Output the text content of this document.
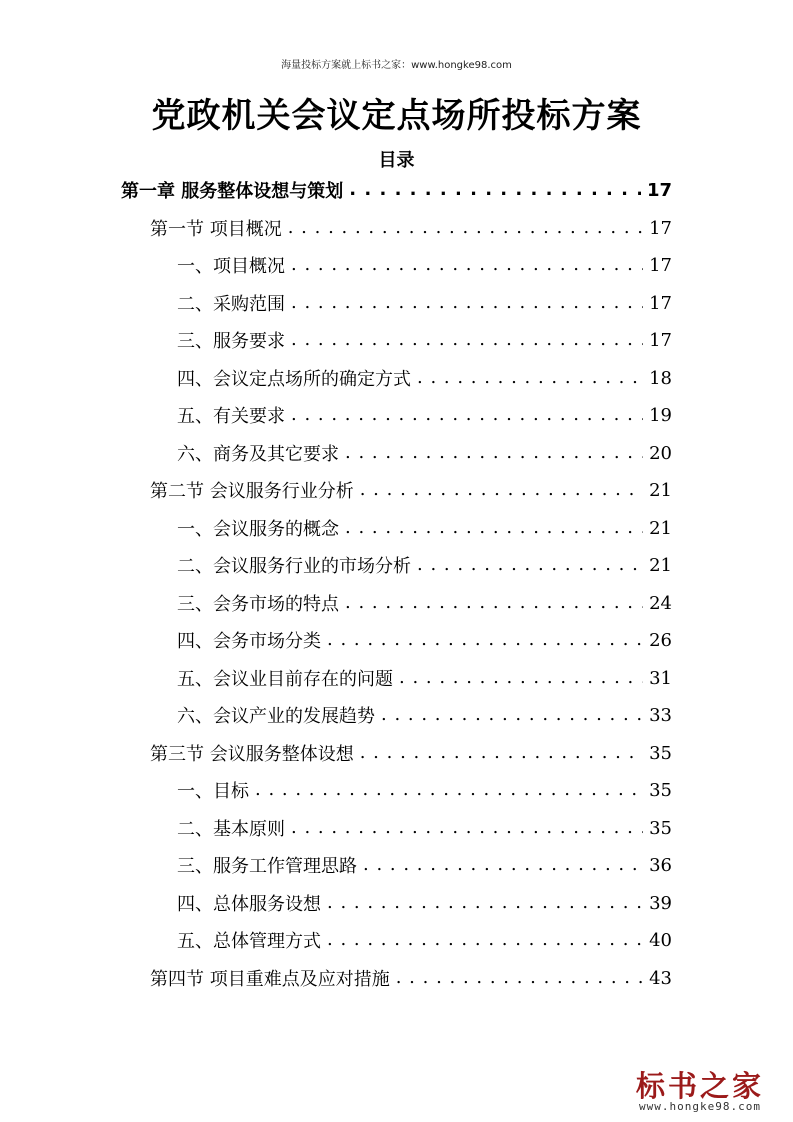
海量投标方案就上标书之家：www.hongke98.com
党政机关会议定点场所投标方案
目录
第一章 服务整体设想与策划 . . .	17
第一节 项目概况 . . .	17
一、项目概况 . . .	17
二、采购范围 . . .	17
三、服务要求 . . .	17
四、会议定点场所的确定方式 . . .	18
五、有关要求 . . .	19
六、商务及其它要求 . . .	20
第二节 会议服务行业分析 . . .	21
一、会议服务的概念 . . .	21
二、会议服务行业的市场分析 . . .	21
三、会务市场的特点 . . .	24
四、会务市场分类 . . .	26
五、会议业目前存在的问题 . . .	31
六、会议产业的发展趋势 . . .	33
第三节 会议服务整体设想 . . .	35
一、目标 . . .	35
二、基本原则 . . .	35
三、服务工作管理思路 . . .	36
四、总体服务设想 . . .	39
五、总体管理方式 . . .	40
第四节 项目重难点及应对措施 . . .	43
标书之家
www.hongke98.com
